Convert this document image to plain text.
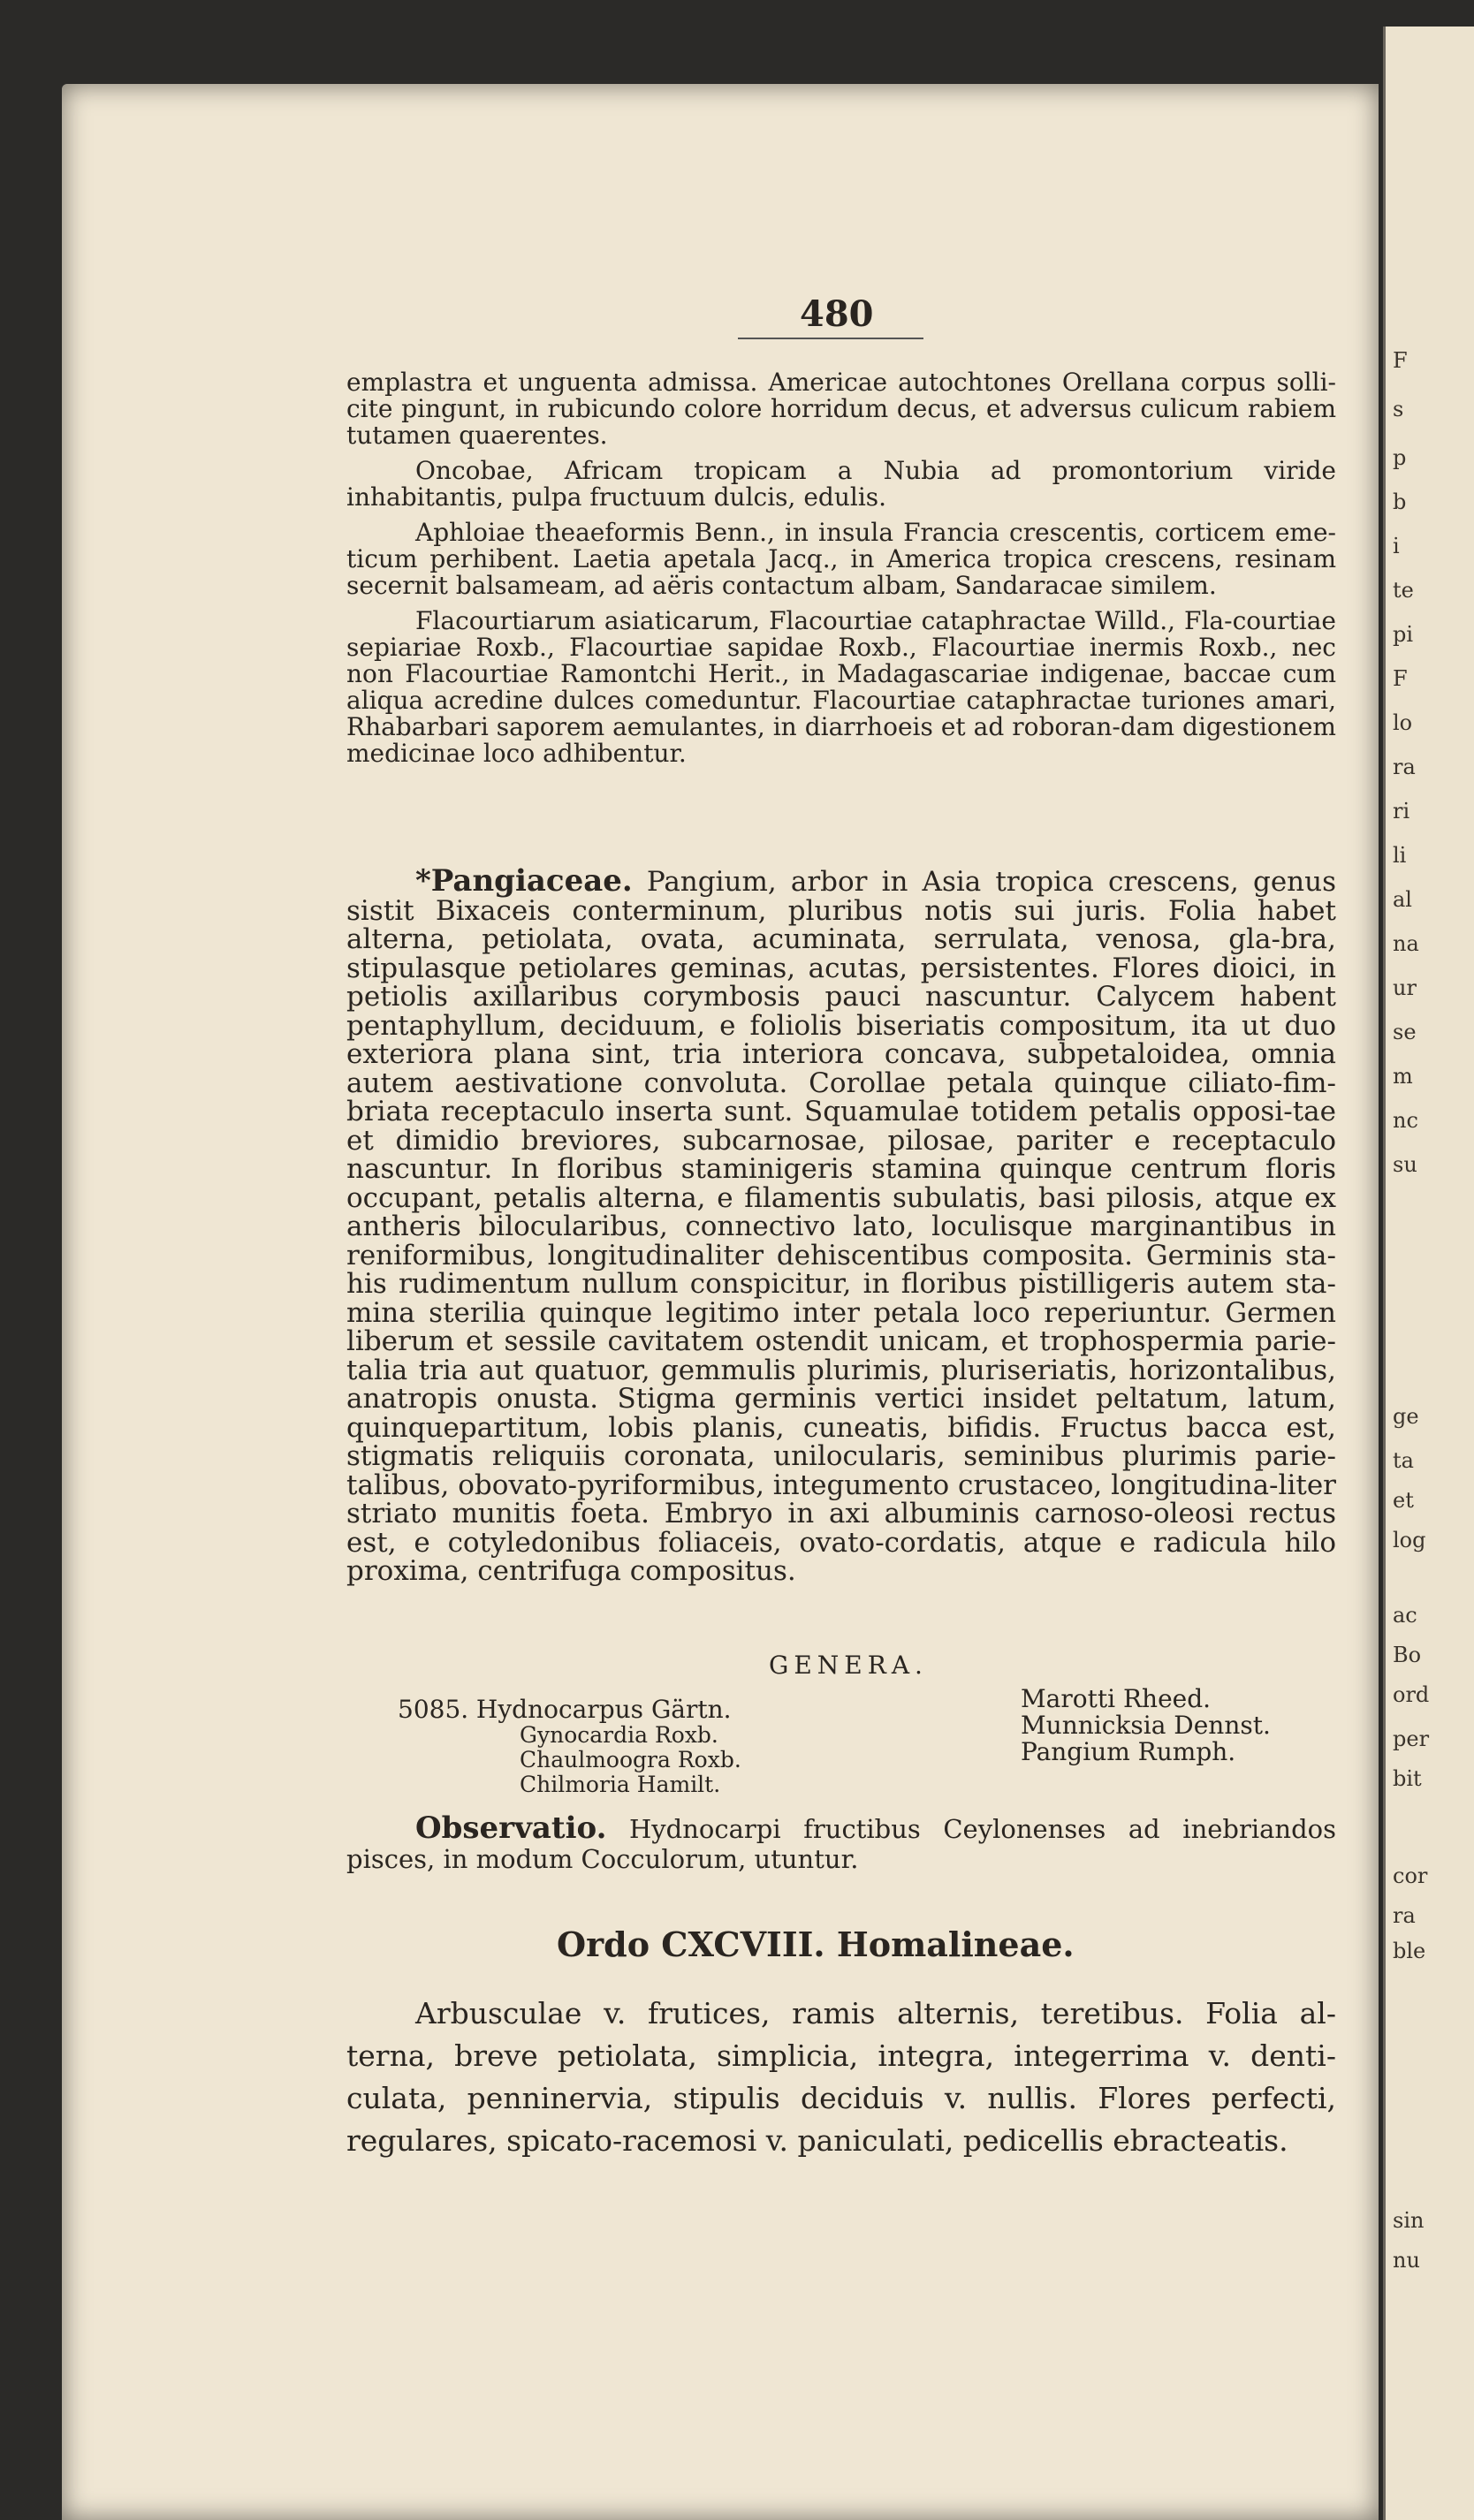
F
s
p
b
i
te
pi
F
lo
ra
ri
li
al
na
ur
se
m
nc
su
ge
ta
et
log
ac
Bo
ord
per
bit
cor
ra
ble
sin
nu
480

emplastra et unguenta admissa. Americae autochtones Orellana corpus solli-cite pingunt, in rubicundo colore horridum decus, et adversus culicum rabiem tutamen quaerentes.

Oncobae, Africam tropicam a Nubia ad promontorium viride inhabitantis, pulpa fructuum dulcis, edulis.

Aphloiae theaeformis Benn., in insula Francia crescentis, corticem eme-ticum perhibent. Laetia apetala Jacq., in America tropica crescens, resinam secernit balsameam, ad aëris contactum albam, Sandaracae similem.

Flacourtiarum asiaticarum, Flacourtiae cataphractae Willd., Fla-courtiae sepiariae Roxb., Flacourtiae sapidae Roxb., Flacourtiae inermis Roxb., nec non Flacourtiae Ramontchi Herit., in Madagascariae indigenae, baccae cum aliqua acredine dulces comeduntur. Flacourtiae cataphractae turiones amari, Rhabarbari saporem aemulantes, in diarrhoeis et ad roboran-dam digestionem medicinae loco adhibentur.

*Pangiaceae. Pangium, arbor in Asia tropica crescens, genus sistit Bixaceis conterminum, pluribus notis sui juris. Folia habet alterna, petiolata, ovata, acuminata, serrulata, venosa, gla-bra, stipulasque petiolares geminas, acutas, persistentes. Flores dioici, in petiolis axillaribus corymbosis pauci nascuntur. Calycem habent pentaphyllum, deciduum, e foliolis biseriatis compositum, ita ut duo exteriora plana sint, tria interiora concava, subpetaloidea, omnia autem aestivatione convoluta. Corollae petala quinque ciliato-fim-briata receptaculo inserta sunt. Squamulae totidem petalis opposi-tae et dimidio breviores, subcarnosae, pilosae, pariter e receptaculo nascuntur. In floribus staminigeris stamina quinque centrum floris occupant, petalis alterna, e filamentis subulatis, basi pilosis, atque ex antheris bilocularibus, connectivo lato, loculisque marginantibus in reniformibus, longitudinaliter dehiscentibus composita. Germinis sta-his rudimentum nullum conspicitur, in floribus pistilligeris autem sta-mina sterilia quinque legitimo inter petala loco reperiuntur. Germen liberum et sessile cavitatem ostendit unicam, et trophospermia parie-talia tria aut quatuor, gemmulis plurimis, pluriseriatis, horizontalibus, anatropis onusta. Stigma germinis vertici insidet peltatum, latum, quinquepartitum, lobis planis, cuneatis, bifidis. Fructus bacca est, stigmatis reliquiis coronata, unilocularis, seminibus plurimis parie-talibus, obovato-pyriformibus, integumento crustaceo, longitudina-liter striato munitis foeta. Embryo in axi albuminis carnoso-oleosi rectus est, e cotyledonibus foliaceis, ovato-cordatis, atque e radicula hilo proxima, centrifuga compositus.

GENERA.
5085. Hydnocarpus Gärtn.
Gynocardia Roxb.
Chaulmoogra Roxb.
Chilmoria Hamilt.
Marotti Rheed.
Munnicksia Dennst.
Pangium Rumph.

Observatio. Hydnocarpi fructibus Ceylonenses ad inebriandos pisces, in modum Cocculorum, utuntur.

Ordo CXCVIII. Homalineae.

Arbusculae v. frutices, ramis alternis, teretibus. Folia al-terna, breve petiolata, simplicia, integra, integerrima v. denti-culata, penninervia, stipulis deciduis v. nullis. Flores perfecti, regulares, spicato-racemosi v. paniculati, pedicellis ebracteatis.
